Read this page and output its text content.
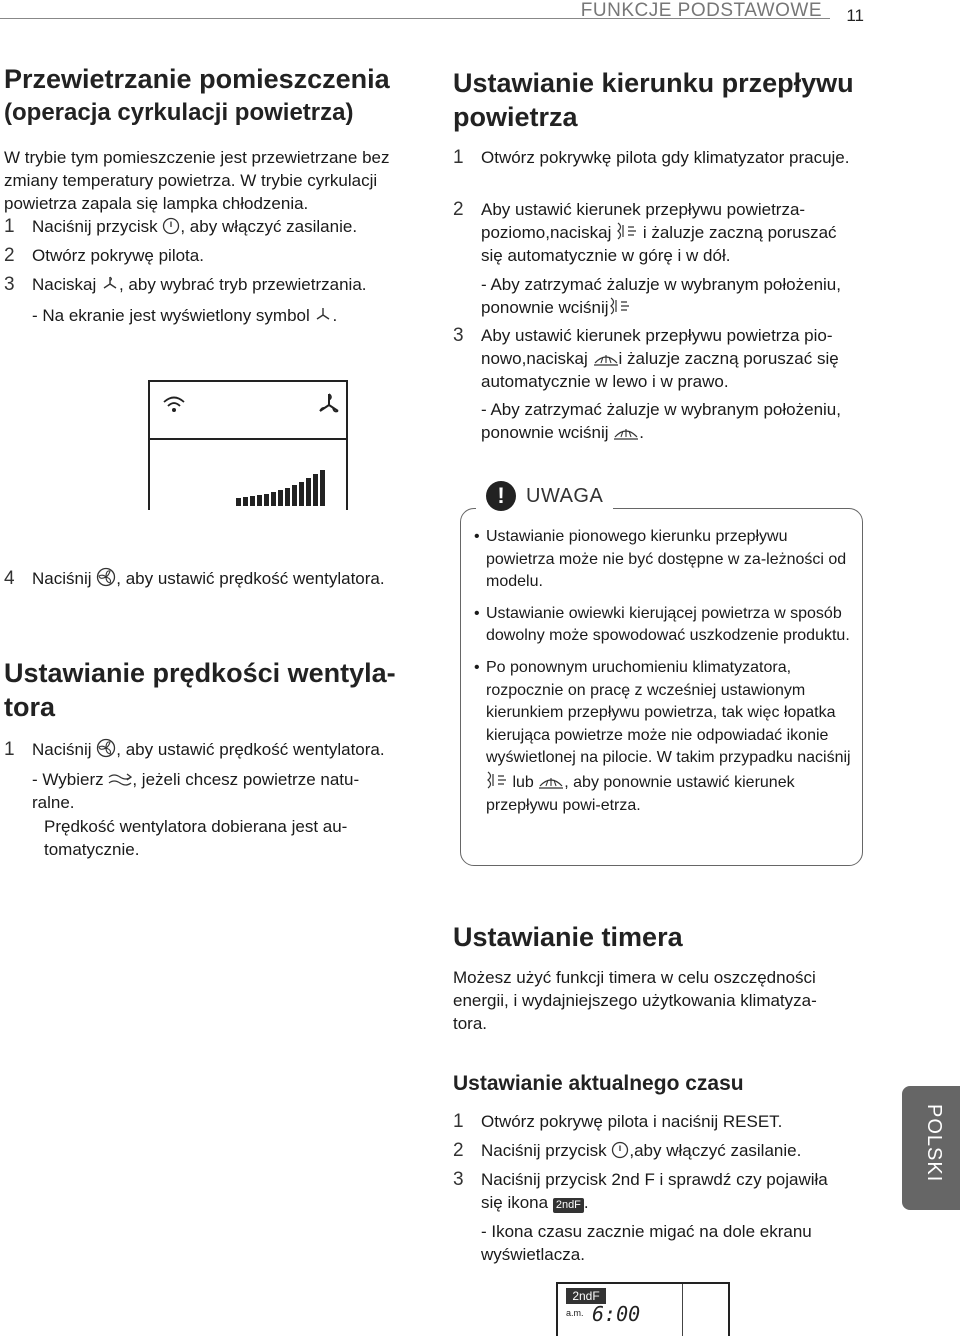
FUNKCJE PODSTAWOWE 11
Przewietrzanie pomieszczenia
(operacja cyrkulacji powietrza)
W trybie tym pomieszczenie jest przewietrzane bez zmiany temperatury powietrza. W trybie cyrkulacji powietrza zapala się lampka chłodzenia.
1 Naciśnij przycisk , aby włączyć zasilanie.
2 Otwórz pokrywę pilota.
3 Naciskaj , aby wybrać tryb przewietrzania.
- Na ekranie jest wyświetlony symbol .
4 Naciśnij , aby ustawić prędkość wentylatora.
Ustawianie prędkości wentyla-tora
1 Naciśnij , aby ustawić prędkość wentylatora.
- Wybierz , jeżeli chcesz powietrze natu-ralne.
Prędkość wentylatora dobierana jest au-tomatycznie.
Ustawianie kierunku przepływu powietrza
1 Otwórz pokrywkę pilota gdy klimatyzator pracuje.
2 Aby ustawić kierunek przepływu powietrza-poziomo,naciskaj  i żaluzje zaczną poruszać się automatycznie w górę i w dół.
- Aby zatrzymać żaluzje w wybranym położeniu, ponownie wciśnij
3 Aby ustawić kierunek przepływu powietrza pio-nowo,naciskaj i żaluzje zaczną poruszać się automatycznie w lewo i w prawo.
- Aby zatrzymać żaluzje w wybranym położeniu, ponownie wciśnij .
!	UWAGA
• Ustawianie pionowego kierunku przepływu powietrza może nie być dostępne w za-leżności od modelu.
• Ustawianie owiewki kierującej powietrza w sposób dowolny może spowodować uszkodzenie produktu.
• Po ponownym uruchomieniu klimatyzatora, rozpocznie on pracę z wcześniej ustawionym kierunkiem przepływu powietrza, tak więc łopatka kierująca powietrze może nie odpowiadać ikonie wyświetlonej na pilocie. W takim przypadku naciśnij  lub , aby ponownie ustawić kierunek przepływu powi-etrza.
Ustawianie timera
Możesz użyć funkcji timera w celu oszczędności energii, i wydajniejszego użytkowania klimatyza-tora.
Ustawianie aktualnego czasu
1 Otwórz pokrywę pilota i naciśnij RESET.
2 Naciśnij przycisk ,aby włączyć zasilanie.
3 Naciśnij przycisk 2nd F i sprawdź czy pojawiła się ikona 2ndF .
- Ikona czasu zacznie migać na dole ekranu wyświetlacza.
2ndF
a.m. 6:00
POLSKI
